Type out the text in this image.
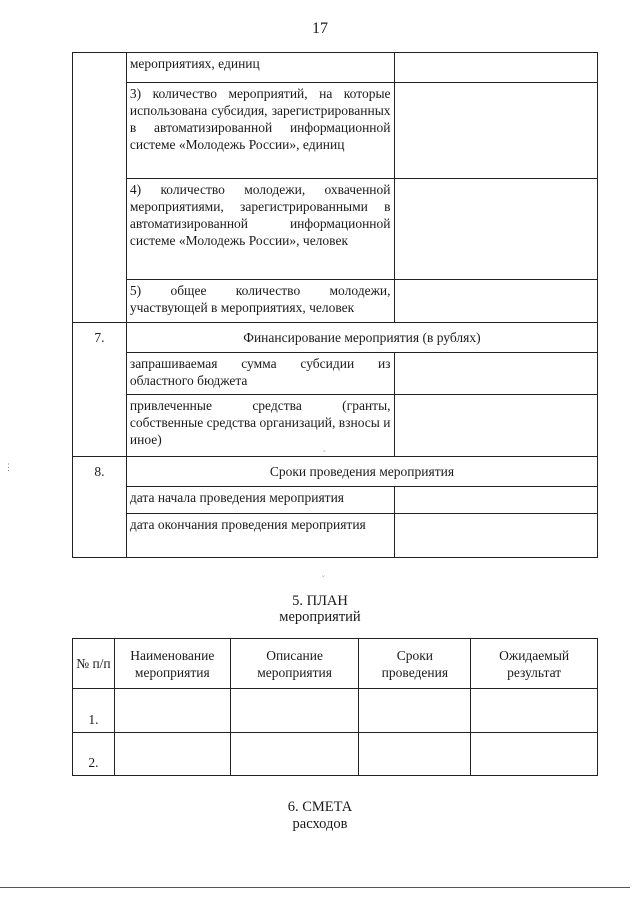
17
	мероприятиях, единиц	
	3) количество мероприятий, на которые использована субсидия, зарегистрированных в автоматизированной информационной системе «Молодежь России», единиц	
	4) количество молодежи, охваченной мероприятиями, зарегистрированными в автоматизированной информационной системе «Молодежь России», человек	
	5) общее количество молодежи, участвующей в мероприятиях, человек	
7.	Финансирование мероприятия (в рублях)	
	запрашиваемая сумма субсидии из областного бюджета	
	привлеченные средства (гранты, собственные средства организаций, взносы и иное)	
8.	Сроки проведения мероприятия	
	дата начала проведения мероприятия	
	дата окончания проведения мероприятия	
5. ПЛАН
мероприятий
№ п/п	Наименование мероприятия	Описание мероприятия	Сроки проведения	Ожидаемый результат
1.				
2.				
6. СМЕТА
расходов
⋮
˜
˘
